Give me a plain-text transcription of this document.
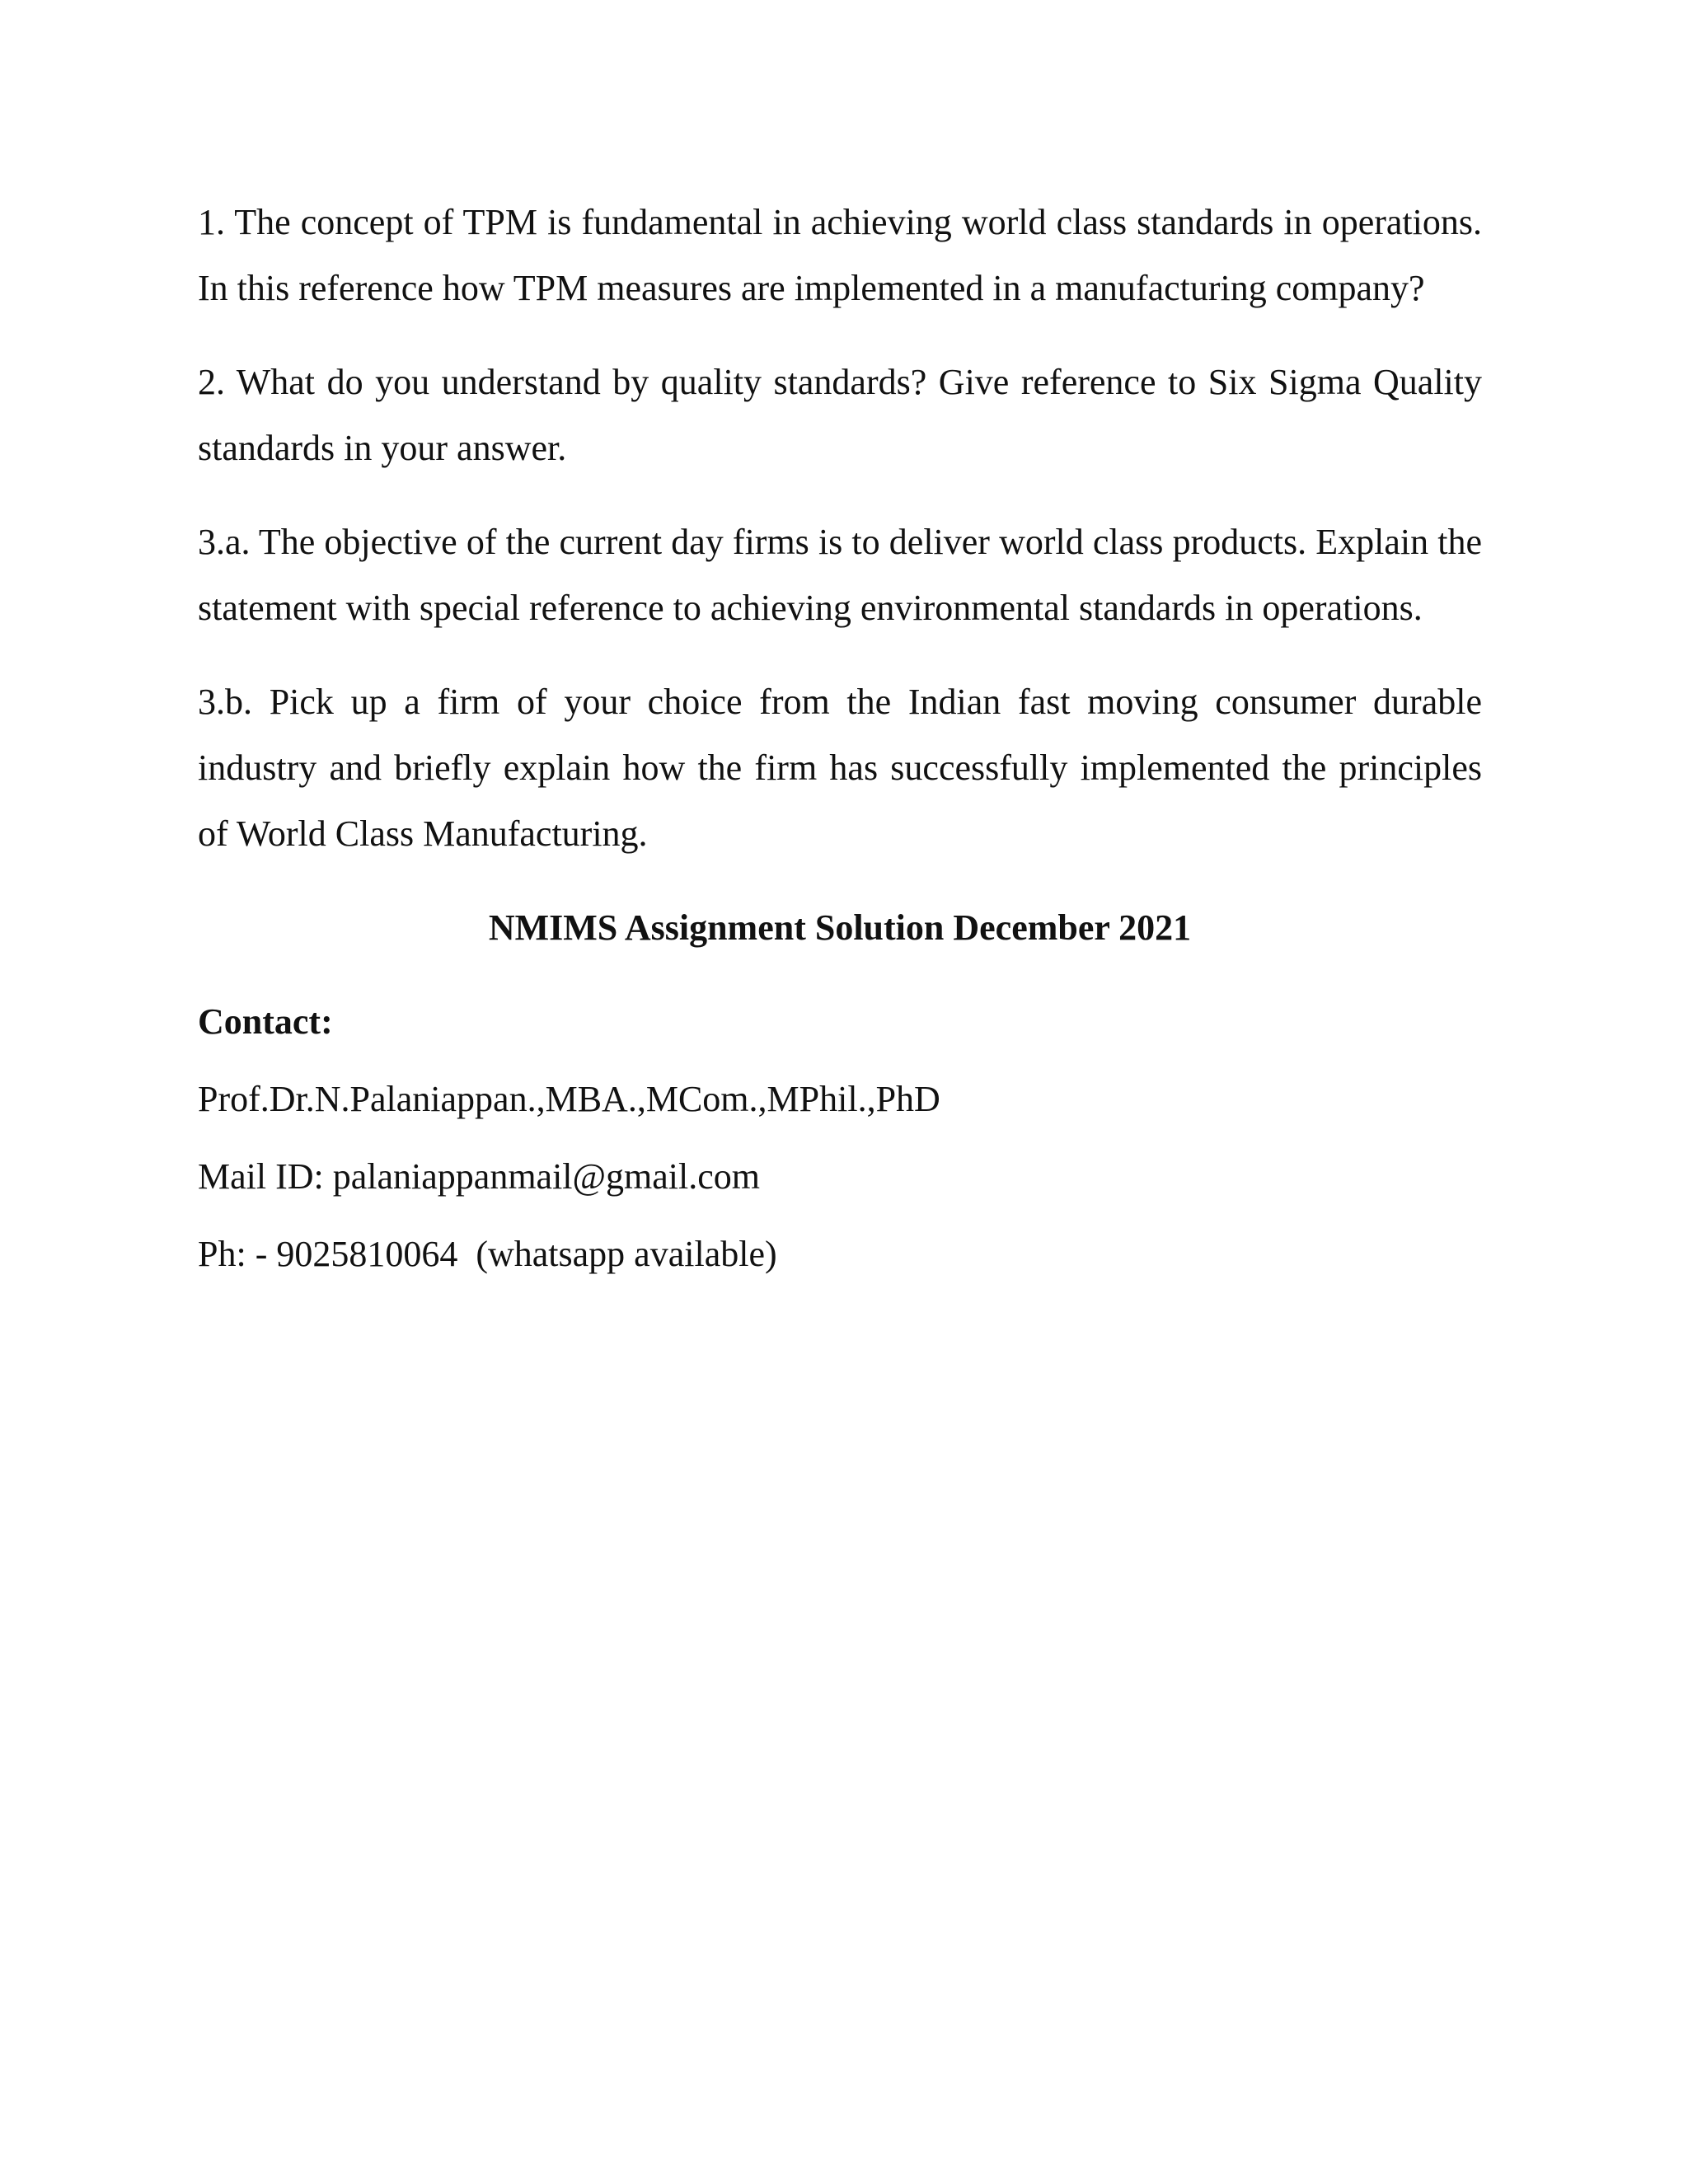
1. The concept of TPM is fundamental in achieving world class standards in operations. In this reference how TPM measures are implemented in a manufacturing company?

2. What do you understand by quality standards? Give reference to Six Sigma Quality standards in your answer.

3.a. The objective of the current day firms is to deliver world class products. Explain the statement with special reference to achieving environmental standards in operations.

3.b. Pick up a firm of your choice from the Indian fast moving consumer durable industry and briefly explain how the firm has successfully implemented the principles of World Class Manufacturing.

NMIMS Assignment Solution December 2021

Contact:

Prof.Dr.N.Palaniappan.,MBA.,MCom.,MPhil.,PhD

Mail ID: palaniappanmail@gmail.com

Ph: - 9025810064  (whatsapp available)
